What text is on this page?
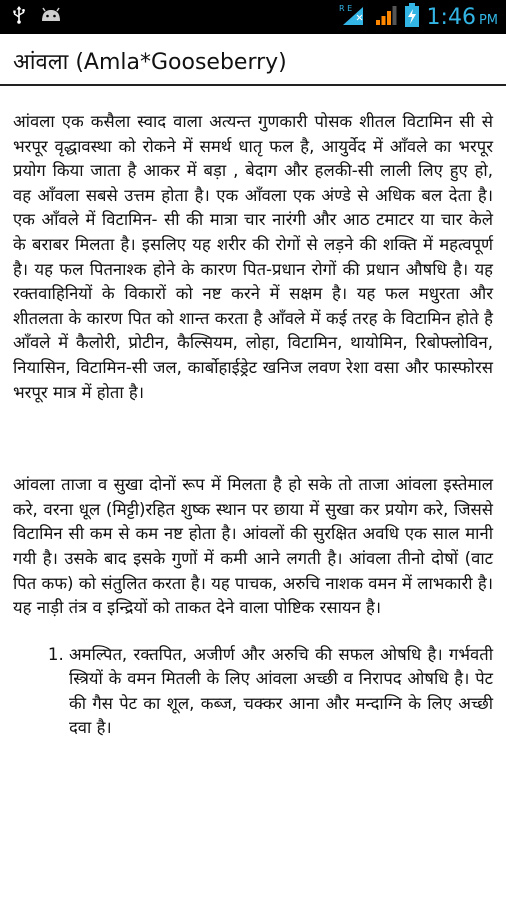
R E	1:46 PM
आंवला (Amla*Gooseberry)

आंवला एक कसैला स्वाद वाला अत्यन्त गुणकारी पोसक शीतल विटामिन सी से भरपूर वृद्धावस्था को रोकने में समर्थ धातृ फल है, आयुर्वेद में आँवले का भरपूर प्रयोग किया जाता है आकर में बड़ा , बेदाग और हलकी-सी लाली लिए हुए हो, वह आँवला सबसे उत्तम होता है। एक आँवला एक अंण्डे से अधिक बल देता है। एक आँवले में विटामिन- सी की मात्रा चार नारंगी और आठ टमाटर या चार केले के बराबर मिलता है। इसलिए यह शरीर की रोगों से लड़ने की शक्ति में महत्वपूर्ण है। यह फल पितनाश्क होने के कारण पित-प्रधान रोगों की प्रधान औषधि है। यह रक्तवाहिनियों के विकारों को नष्ट करने में सक्षम है। यह फल मधुरता और शीतलता के कारण पित को शान्त करता है आँवले में कई तरह के विटामिन होते है आँवले में कैलोरी, प्रोटीन, कैल्सियम, लोहा, विटामिन, थायोमिन, रिबोफ्लोविन, नियासिन, विटामिन-सी जल, कार्बोहाईड्रेट खनिज लवण रेशा वसा और फास्फोरस भरपूर मात्र में होता है।

आंवला ताजा व सुखा दोनों रूप में मिलता है हो सके तो ताजा आंवला इस्तेमाल करे, वरना धूल (मिट्टी)रहित शुष्क स्थान पर छाया में सुखा कर प्रयोग करे, जिससे विटामिन सी कम से कम नष्ट होता है। आंवलों की सुरक्षित अवधि एक साल मानी गयी है। उसके बाद इसके गुणों में कमी आने लगती है। आंवला तीनो दोषों (वाट पित कफ) को संतुलित करता है। यह पाचक, अरुचि नाशक वमन में लाभकारी है। यह नाड़ी तंत्र व इन्द्रियों को ताकत देने वाला पोष्टिक रसायन है।

1. अमल्पित, रक्तपित, अजीर्ण और अरुचि की सफल ओषधि है। गर्भवती स्त्रियों के वमन मितली के लिए आंवला अच्छी व निरापद ओषधि है। पेट की गैस पेट का शूल, कब्ज, चक्कर आना और मन्दाग्नि के लिए अच्छी दवा है।
